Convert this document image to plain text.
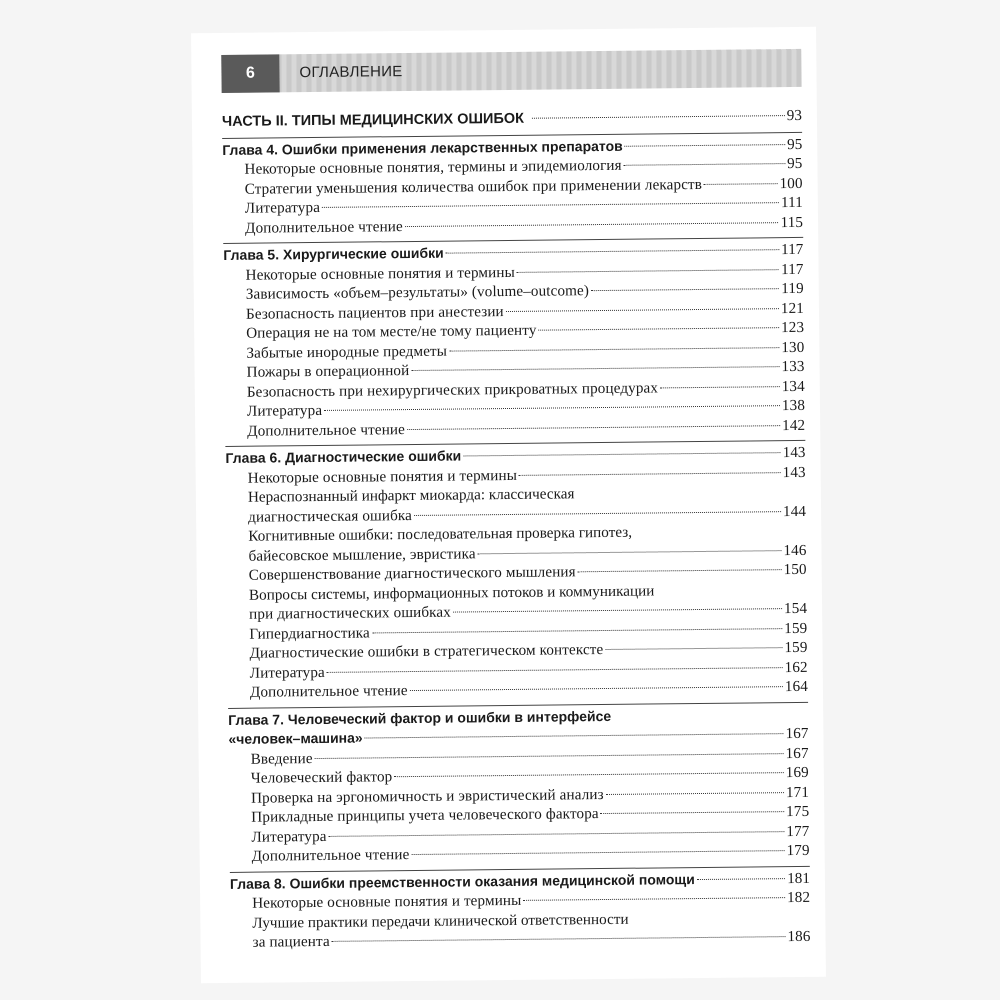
6	ОГЛАВЛЕНИЕ
ЧАСТЬ II. ТИПЫ МЕДИЦИНСКИХ ОШИБОК	93
Глава 4. Ошибки применения лекарственных препаратов	95
Некоторые основные понятия, термины и эпидемиология	95
Стратегии уменьшения количества ошибок при применении лекарств	100
Литература	111
Дополнительное чтение	115
Глава 5. Хирургические ошибки	117
Некоторые основные понятия и термины	117
Зависимость «объем–результаты» (volume–outcome)	119
Безопасность пациентов при анестезии	121
Операция не на том месте/не тому пациенту	123
Забытые инородные предметы	130
Пожары в операционной	133
Безопасность при нехирургических прикроватных процедурах	134
Литература	138
Дополнительное чтение	142
Глава 6. Диагностические ошибки	143
Некоторые основные понятия и термины	143
Нераспознанный инфаркт миокарда: классическая
диагностическая ошибка	144
Когнитивные ошибки: последовательная проверка гипотез,
байесовское мышление, эвристика	146
Совершенствование диагностического мышления	150
Вопросы системы, информационных потоков и коммуникации
при диагностических ошибках	154
Гипердиагностика	159
Диагностические ошибки в стратегическом контексте	159
Литература	162
Дополнительное чтение	164
Глава 7. Человеческий фактор и ошибки в интерфейсе
«человек–машина»	167
Введение	167
Человеческий фактор	169
Проверка на эргономичность и эвристический анализ	171
Прикладные принципы учета человеческого фактора	175
Литература	177
Дополнительное чтение	179
Глава 8. Ошибки преемственности оказания медицинской помощи	181
Некоторые основные понятия и термины	182
Лучшие практики передачи клинической ответственности
за пациента	186
